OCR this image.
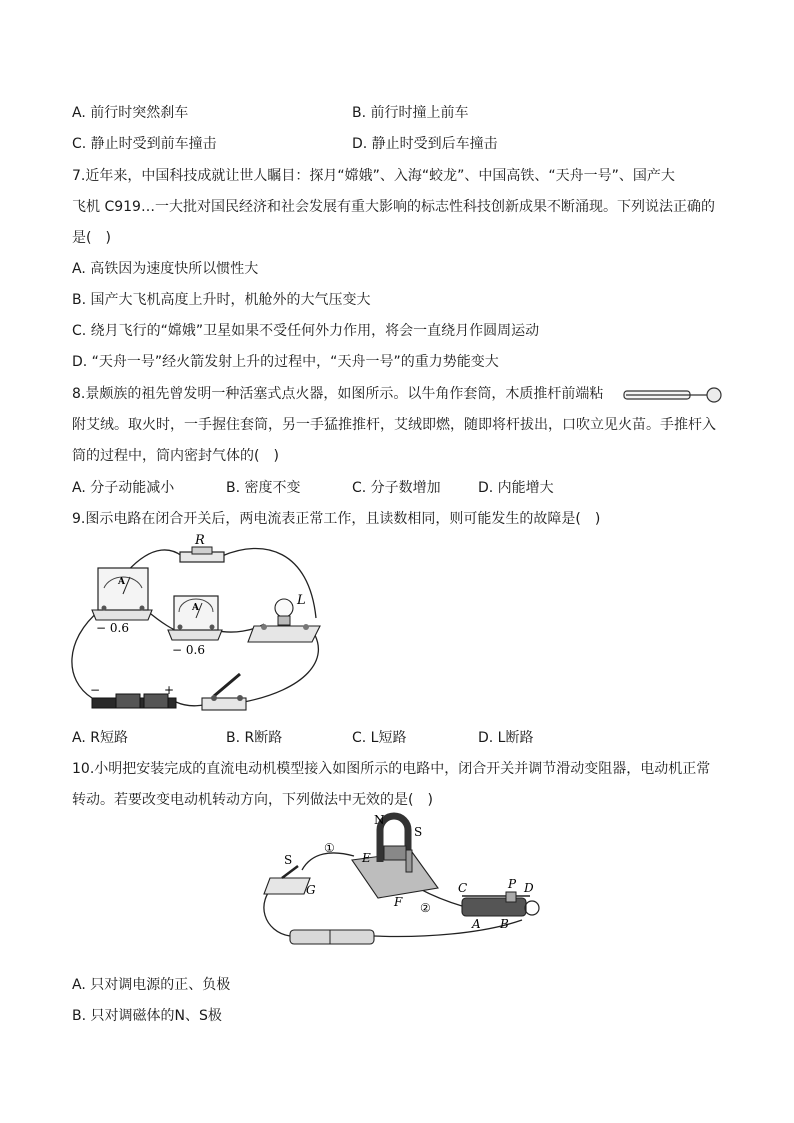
A. 前行时突然刹车	B. 前行时撞上前车
C. 静止时受到前车撞击	D. 静止时受到后车撞击
7.近年来，中国科技成就让世人瞩目：探月“嫦娥”、入海“蛟龙”、中国高铁、“天舟一号”、国产大
飞机 C919…一大批对国民经济和社会发展有重大影响的标志性科技创新成果不断涌现。下列说法正确的
是(　)
A. 高铁因为速度快所以惯性大
B. 国产大飞机高度上升时，机舱外的大气压变大
C. 绕月飞行的“嫦娥”卫星如果不受任何外力作用，将会一直绕月作圆周运动
D. “天舟一号”经火箭发射上升的过程中，“天舟一号”的重力势能变大
8.景颇族的祖先曾发明一种活塞式点火器，如图所示。以牛角作套筒，木质推杆前端粘
附艾绒。取火时，一手握住套筒，另一手猛推推杆，艾绒即燃，随即将杆拔出，口吹立见火苗。手推杆入
筒的过程中，筒内密封气体的(　)
A. 分子动能减小	B. 密度不变	C. 分子数增加	D. 内能增大
9.图示电路在闭合开关后，两电流表正常工作，且读数相同，则可能发生的故障是(　)
R
A
− 0.6
A
− 0.6
L
−	+
A. R短路	B. R断路	C. L短路	D. L断路
10.小明把安装完成的直流电动机模型接入如图所示的电路中，闭合开关并调节滑动变阻器，电动机正常
转动。若要改变电动机转动方向，下列做法中无效的是(　)
S
G
①
N
S
E
F ②
C	P D
A B
A. 只对调电源的正、负极
B. 只对调磁体的N、S极
